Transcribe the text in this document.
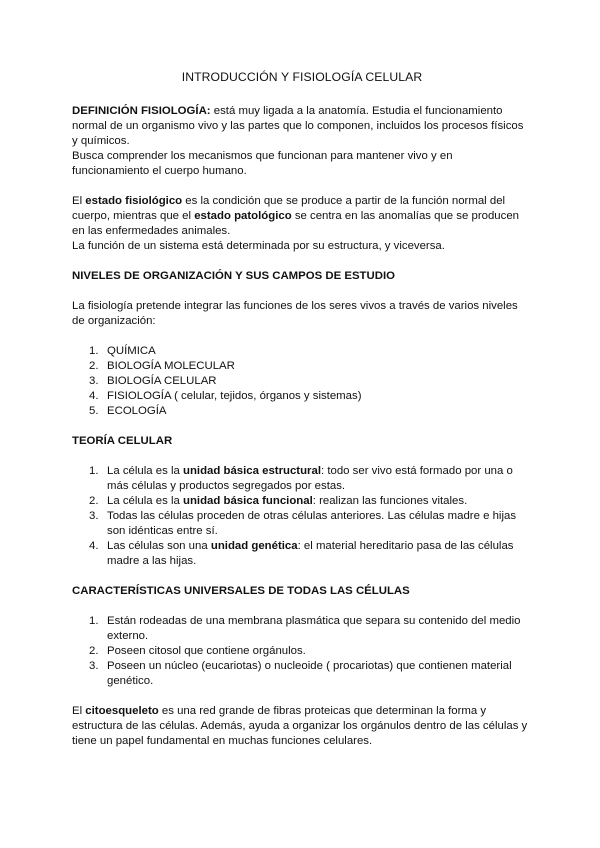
INTRODUCCIÓN Y FISIOLOGÍA CELULAR

DEFINICIÓN FISIOLOGÍA: está muy ligada a la anatomía. Estudia el funcionamiento normal de un organismo vivo y las partes que lo componen, incluidos los procesos físicos y químicos.

Busca comprender los mecanismos que funcionan para mantener vivo y en funcionamiento el cuerpo humano.

El estado fisiológico es la condición que se produce a partir de la función normal del cuerpo, mientras que el estado patológico se centra en las anomalías que se producen en las enfermedades animales.

La función de un sistema está determinada por su estructura, y viceversa.

NIVELES DE ORGANIZACIÓN Y SUS CAMPOS DE ESTUDIO

La fisiología pretende integrar las funciones de los seres vivos a través de varios niveles de organización:

1. QUÍMICA
2. BIOLOGÍA MOLECULAR
3. BIOLOGÍA CELULAR
4. FISIOLOGÍA ( celular, tejidos, órganos y sistemas)
5. ECOLOGÍA

TEORÍA CELULAR

1. La célula es la unidad básica estructural: todo ser vivo está formado por una o más células y productos segregados por estas.
2. La célula es la unidad básica funcional: realizan las funciones vitales.
3. Todas las células proceden de otras células anteriores. Las células madre e hijas son idénticas entre sí.
4. Las células son una unidad genética: el material hereditario pasa de las células madre a las hijas.

CARACTERÍSTICAS UNIVERSALES DE TODAS LAS CÉLULAS

1. Están rodeadas de una membrana plasmática que separa su contenido del medio externo.
2. Poseen citosol que contiene orgánulos.
3. Poseen un núcleo (eucariotas) o nucleoide ( procariotas) que contienen material genético.

El citoesqueleto es una red grande de fibras proteicas que determinan la forma y estructura de las células. Además, ayuda a organizar los orgánulos dentro de las células y tiene un papel fundamental en muchas funciones celulares.
